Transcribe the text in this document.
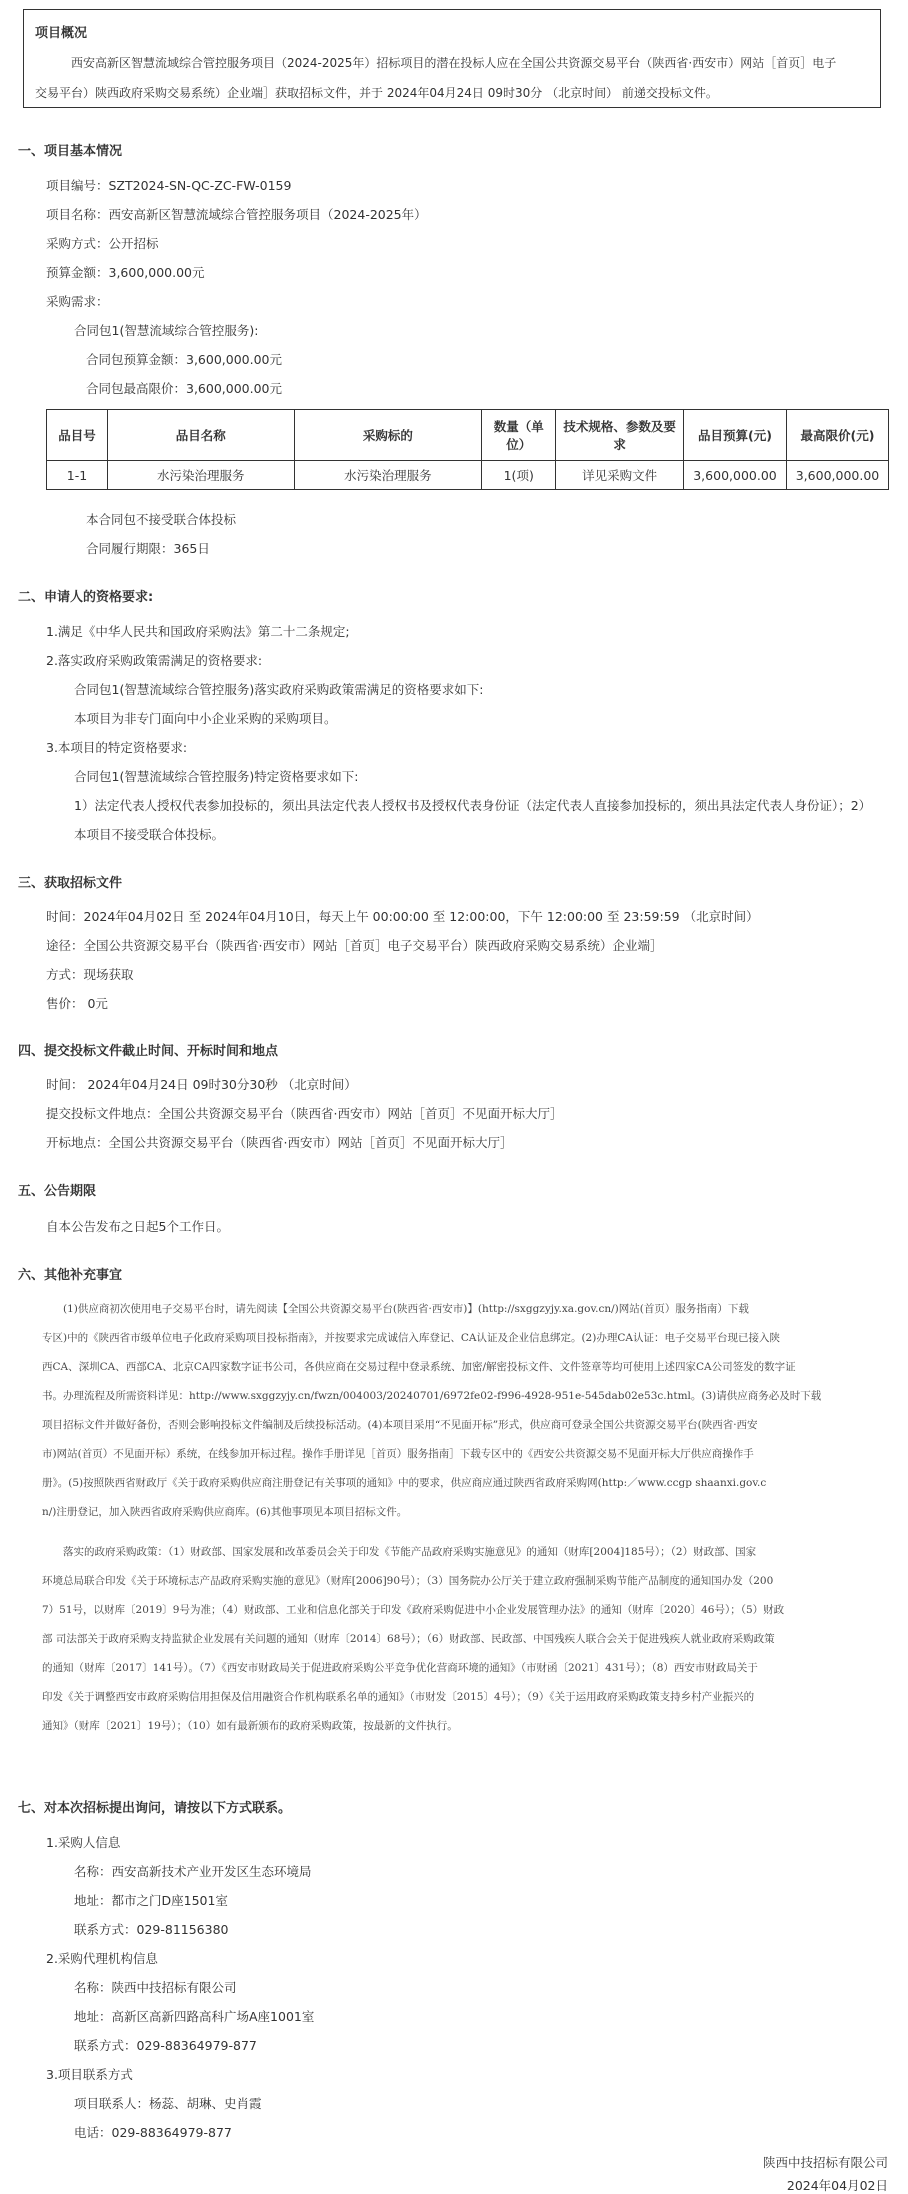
项目概况
西安高新区智慧流域综合管控服务项目（2024-2025年）招标项目的潜在投标人应在全国公共资源交易平台（陕西省·西安市）网站［首页］电子
交易平台）陕西政府采购交易系统）企业端］获取招标文件，并于 2024年04月24日 09时30分 （北京时间） 前递交投标文件。
一、项目基本情况
项目编号：SZT2024-SN-QC-ZC-FW-0159
项目名称：西安高新区智慧流域综合管控服务项目（2024-2025年）
采购方式：公开招标
预算金额：3,600,000.00元
采购需求：
合同包1(智慧流域综合管控服务):
合同包预算金额：3,600,000.00元
合同包最高限价：3,600,000.00元
品目号	品目名称	采购标的	数量（单位）	技术规格、参数及要求	品目预算(元)	最高限价(元)
1-1	水污染治理服务	水污染治理服务	1(项)	详见采购文件	3,600,000.00	3,600,000.00
本合同包不接受联合体投标
合同履行期限：365日
二、申请人的资格要求:
1.满足《中华人民共和国政府采购法》第二十二条规定;
2.落实政府采购政策需满足的资格要求:
合同包1(智慧流域综合管控服务)落实政府采购政策需满足的资格要求如下:
本项目为非专门面向中小企业采购的采购项目。
3.本项目的特定资格要求:
合同包1(智慧流域综合管控服务)特定资格要求如下:
1）法定代表人授权代表参加投标的，须出具法定代表人授权书及授权代表身份证（法定代表人直接参加投标的，须出具法定代表人身份证）；2）
本项目不接受联合体投标。
三、获取招标文件
时间：2024年04月02日 至 2024年04月10日，每天上午 00:00:00 至 12:00:00，下午 12:00:00 至 23:59:59 （北京时间）
途径：全国公共资源交易平台（陕西省·西安市）网站［首页］电子交易平台）陕西政府采购交易系统）企业端］
方式：现场获取
售价： 0元
四、提交投标文件截止时间、开标时间和地点
时间： 2024年04月24日 09时30分30秒 （北京时间）
提交投标文件地点：全国公共资源交易平台（陕西省·西安市）网站［首页］不见面开标大厅］
开标地点：全国公共资源交易平台（陕西省·西安市）网站［首页］不见面开标大厅］
五、公告期限
自本公告发布之日起5个工作日。
六、其他补充事宜
　　(1)供应商初次使用电子交易平台时，请先阅读【全国公共资源交易平台(陕西省·西安市)】(http://sxggzyjy.xa.gov.cn/)网站(首页）服务指南）下载
专区)中的《陕西省市级单位电子化政府采购项目投标指南》，并按要求完成诚信入库登记、CA认证及企业信息绑定。(2)办理CA认证：电子交易平台现已接入陕
西CA、深圳CA、西部CA、北京CA四家数字证书公司，各供应商在交易过程中登录系统、加密/解密投标文件、文件签章等均可使用上述四家CA公司签发的数字证
书。办理流程及所需资料详见：http://www.sxggzyjy.cn/fwzn/004003/20240701/6972fe02-f996-4928-951e-545dab02e53c.html。(3)请供应商务必及时下载
项目招标文件并做好备份，否则会影响投标文件编制及后续投标活动。(4)本项目采用“不见面开标”形式，供应商可登录全国公共资源交易平台(陕西省·西安
市)网站(首页）不见面开标）系统，在线参加开标过程。操作手册详见［首页）服务指南］下载专区中的《西安公共资源交易不见面开标大厅供应商操作手
册》。(5)按照陕西省财政厅《关于政府采购供应商注册登记有关事项的通知》中的要求，供应商应通过陕西省政府采购网(http:／www.ccgp shaanxi.gov.c
n/)注册登记，加入陕西省政府采购供应商库。(6)其他事项见本项目招标文件。
　　落实的政府采购政策：（1）财政部、国家发展和改革委员会关于印发《节能产品政府采购实施意见》的通知（财库[2004]185号）；（2）财政部、国家
环境总局联合印发《关于环境标志产品政府采购实施的意见》（财库[2006]90号）；（3）国务院办公厅关于建立政府强制采购节能产品制度的通知国办发（200
7）51号，以财库〔2019〕9号为准；（4）财政部、工业和信息化部关于印发《政府采购促进中小企业发展管理办法》的通知（财库〔2020〕46号）；（5）财政
部 司法部关于政府采购支持监狱企业发展有关问题的通知（财库〔2014〕68号）；（6）财政部、民政部、中国残疾人联合会关于促进残疾人就业政府采购政策
的通知（财库〔2017〕141号）。（7）《西安市财政局关于促进政府采购公平竞争优化营商环境的通知》（市财函〔2021〕431号）；（8）西安市财政局关于
印发《关于调整西安市政府采购信用担保及信用融资合作机构联系名单的通知》（市财发〔2015〕4号）；（9）《关于运用政府采购政策支持乡村产业振兴的
通知》（财库〔2021〕19号）；（10）如有最新颁布的政府采购政策，按最新的文件执行。
七、对本次招标提出询问，请按以下方式联系。
1.采购人信息
名称：西安高新技术产业开发区生态环境局
地址：都市之门D座1501室
联系方式：029-81156380
2.采购代理机构信息
名称：陕西中技招标有限公司
地址：高新区高新四路高科广场A座1001室
联系方式：029-88364979-877
3.项目联系方式
项目联系人：杨蕊、胡琳、史肖霞
电话：029-88364979-877
陕西中技招标有限公司
2024年04月02日
